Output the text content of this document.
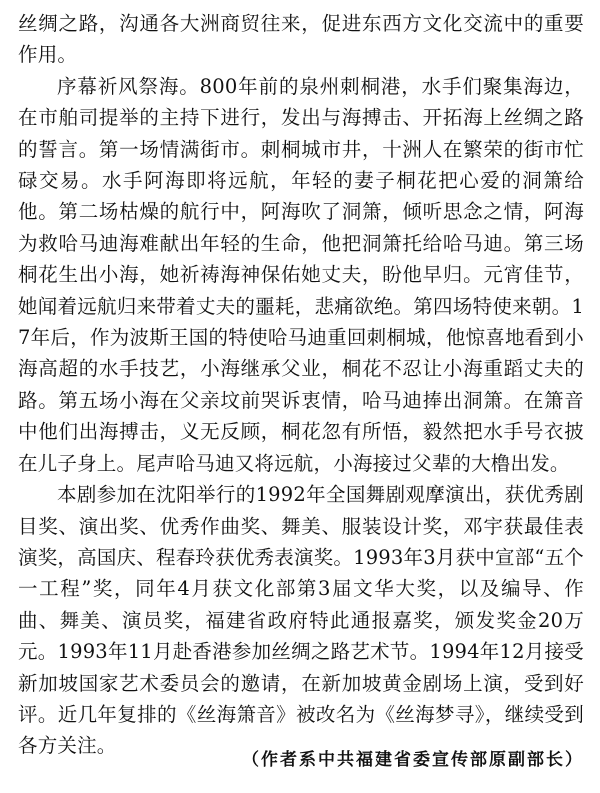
丝绸之路，沟通各大洲商贸往来，促进东西方文化交流中的重要作用。

序幕祈风祭海。800年前的泉州刺桐港，水手们聚集海边，在市舶司提举的主持下进行，发出与海搏击、开拓海上丝绸之路的誓言。第一场情满街市。刺桐城市井，十洲人在繁荣的街市忙碌交易。水手阿海即将远航，年轻的妻子桐花把心爱的洞箫给他。第二场枯燥的航行中，阿海吹了洞箫，倾听思念之情，阿海为救哈马迪海难献出年轻的生命，他把洞箫托给哈马迪。第三场桐花生出小海，她祈祷海神保佑她丈夫，盼他早归。元宵佳节，她闻着远航归来带着丈夫的噩耗，悲痛欲绝。第四场特使来朝。17年后，作为波斯王国的特使哈马迪重回刺桐城，他惊喜地看到小海高超的水手技艺，小海继承父业，桐花不忍让小海重蹈丈夫的路。第五场小海在父亲坟前哭诉衷情，哈马迪捧出洞箫。在箫音中他们出海搏击，义无反顾，桐花忽有所悟，毅然把水手号衣披在儿子身上。尾声哈马迪又将远航，小海接过父辈的大橹出发。

本剧参加在沈阳举行的1992年全国舞剧观摩演出，获优秀剧目奖、演出奖、优秀作曲奖、舞美、服装设计奖，邓宇获最佳表演奖，高国庆、程春玲获优秀表演奖。1993年3月获中宣部“五个一工程”奖，同年4月获文化部第3届文华大奖，以及编导、作曲、舞美、演员奖，福建省政府特此通报嘉奖，颁发奖金20万元。1993年11月赴香港参加丝绸之路艺术节。1994年12月接受新加坡国家艺术委员会的邀请，在新加坡黄金剧场上演，受到好评。近几年复排的《丝海箫音》被改名为《丝海梦寻》，继续受到各方关注。

（作者系中共福建省委宣传部原副部长）
